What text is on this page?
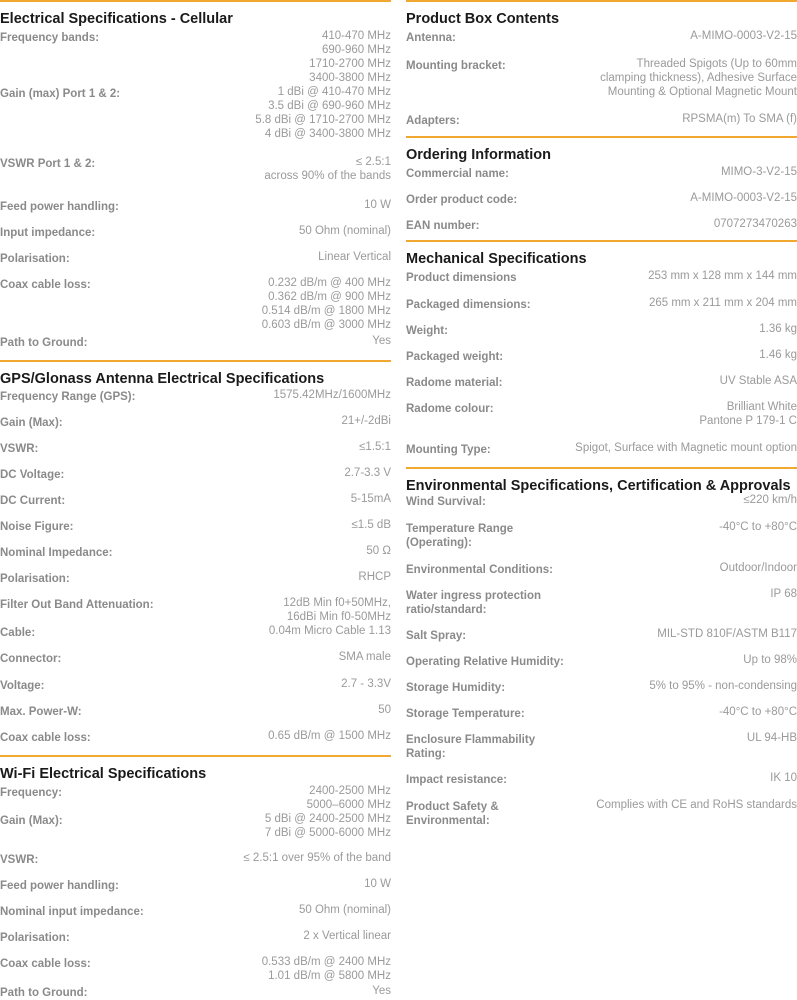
Electrical Specifications - Cellular
Frequency bands:	410-470 MHz
690-960 MHz
1710-2700 MHz
3400-3800 MHz
Gain (max) Port 1 & 2:	1 dBi @ 410-470 MHz
3.5 dBi @ 690-960 MHz
5.8 dBi @ 1710-2700 MHz
4 dBi @ 3400-3800 MHz
VSWR Port 1 & 2:	≤ 2.5:1
across 90% of the bands
Feed power handling:	10 W
Input impedance:	50 Ohm (nominal)
Polarisation:	Linear Vertical
Coax cable loss:	0.232 dB/m @ 400 MHz
0.362 dB/m @ 900 MHz
0.514 dB/m @ 1800 MHz
0.603 dB/m @ 3000 MHz
Path to Ground:	Yes
GPS/Glonass Antenna Electrical Specifications
Frequency Range (GPS):	1575.42MHz/1600MHz
Gain (Max):	21+/-2dBi
VSWR:	≤1.5:1
DC Voltage:	2.7-3.3 V
DC Current:	5-15mA
Noise Figure:	≤1.5 dB
Nominal Impedance:	50 Ω
Polarisation:	RHCP
Filter Out Band Attenuation:	12dB Min f0+50MHz,
16dBi Min f0-50MHz
Cable:	0.04m Micro Cable 1.13
Connector:	SMA male
Voltage:	2.7 - 3.3V
Max. Power-W:	50
Coax cable loss:	0.65 dB/m @ 1500 MHz
Wi-Fi Electrical Specifications
Frequency:	2400-2500 MHz
5000–6000 MHz
Gain (Max):	5 dBi @ 2400-2500 MHz
7 dBi @ 5000-6000 MHz
VSWR:	≤ 2.5:1 over 95% of the band
Feed power handling:	10 W
Nominal input impedance:	50 Ohm (nominal)
Polarisation:	2 x Vertical linear
Coax cable loss:	0.533 dB/m @ 2400 MHz
1.01 dB/m @ 5800 MHz
Path to Ground:	Yes
Product Box Contents
Antenna:	A-MIMO-0003-V2-15
Mounting bracket:	Threaded Spigots (Up to 60mm
clamping thickness), Adhesive Surface
Mounting & Optional Magnetic Mount
Adapters:	RPSMA(m) To SMA (f)
Ordering Information
Commercial name:	MIMO-3-V2-15
Order product code:	A-MIMO-0003-V2-15
EAN number:	0707273470263
Mechanical Specifications
Product dimensions	253 mm x 128 mm x 144 mm
Packaged dimensions:	265 mm x 211 mm x 204 mm
Weight:	1.36 kg
Packaged weight:	1.46 kg
Radome material:	UV Stable ASA
Radome colour:	Brilliant White
Pantone P 179-1 C
Mounting Type:	Spigot, Surface with Magnetic mount option
Environmental Specifications, Certification & Approvals
Wind Survival:	≤220 km/h
Temperature Range (Operating):
-40°C to +80°C
Environmental Conditions:	Outdoor/Indoor
Water ingress protection ratio/standard:
IP 68
Salt Spray:	MIL-STD 810F/ASTM B117
Operating Relative Humidity:	Up to 98%
Storage Humidity:	5% to 95% - non-condensing
Storage Temperature:	-40°C to +80°C
Enclosure Flammability Rating:
UL 94-HB
Impact resistance:	IK 10
Product Safety & Environmental:
Complies with CE and RoHS standards
